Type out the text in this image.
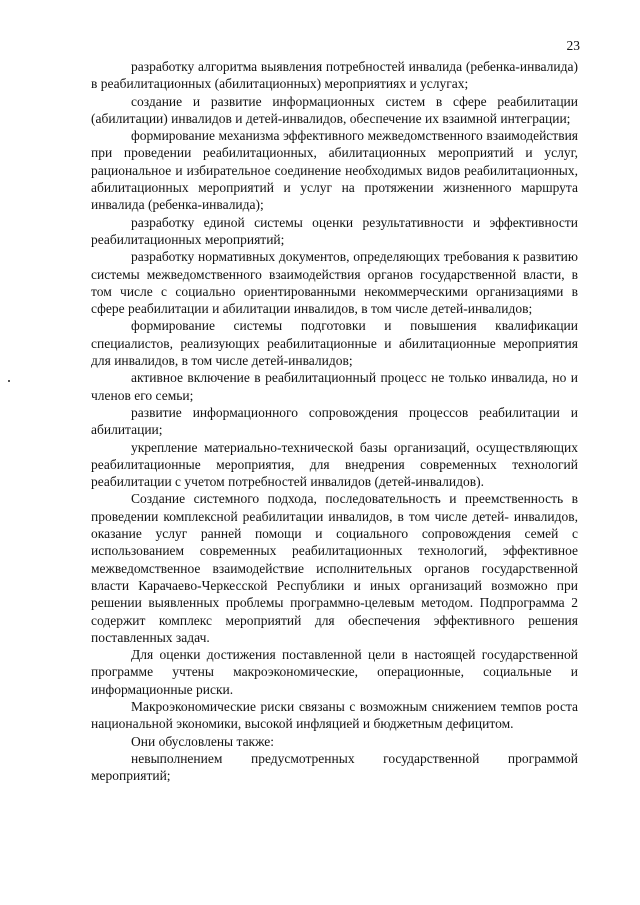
23

разработку алгоритма выявления потребностей инвалида (ребенка-инвалида) в реабилитационных (абилитационных) мероприятиях и услугах;

создание и развитие информационных систем в сфере реабилитации (абилитации) инвалидов и детей-инвалидов, обеспечение их взаимной интеграции;

формирование механизма эффективного межведомственного взаимодействия при проведении реабилитационных, абилитационных мероприятий и услуг, рациональное и избирательное соединение необходимых видов реабилитационных, абилитационных мероприятий и услуг на протяжении жизненного маршрута инвалида (ребенка-инвалида);

разработку единой системы оценки результативности и эффективности реабилитационных мероприятий;

разработку нормативных документов, определяющих требования к развитию системы межведомственного взаимодействия органов государственной власти, в том числе с социально ориентированными некоммерческими организациями в сфере реабилитации и абилитации инвалидов, в том числе детей-инвалидов;

формирование системы подготовки и повышения квалификации специалистов, реализующих реабилитационные и абилитационные мероприятия для инвалидов, в том числе детей-инвалидов;

активное включение в реабилитационный процесс не только инвалида, но и членов его семьи;

развитие информационного сопровождения процессов реабилитации и абилитации;

укрепление материально-технической базы организаций, осуществляющих реабилитационные мероприятия, для внедрения современных технологий реабилитации с учетом потребностей инвалидов (детей-инвалидов).

Создание системного подхода, последовательность и преемственность в проведении комплексной реабилитации инвалидов, в том числе детей- инвалидов, оказание услуг ранней помощи и социального сопровождения семей с использованием современных реабилитационных технологий, эффективное межведомственное взаимодействие исполнительных органов государственной власти Карачаево-Черкесской Республики и иных организаций возможно при решении выявленных проблемы программно-целевым методом. Подпрограмма 2 содержит комплекс мероприятий для обеспечения эффективного решения поставленных задач.

Для оценки достижения поставленной цели в настоящей государственной программе учтены макроэкономические, операционные, социальные и информационные риски.

Макроэкономические риски связаны с возможным снижением темпов роста национальной экономики, высокой инфляцией и бюджетным дефицитом.

Они обусловлены также:

невыполнением предусмотренных государственной программой мероприятий;
